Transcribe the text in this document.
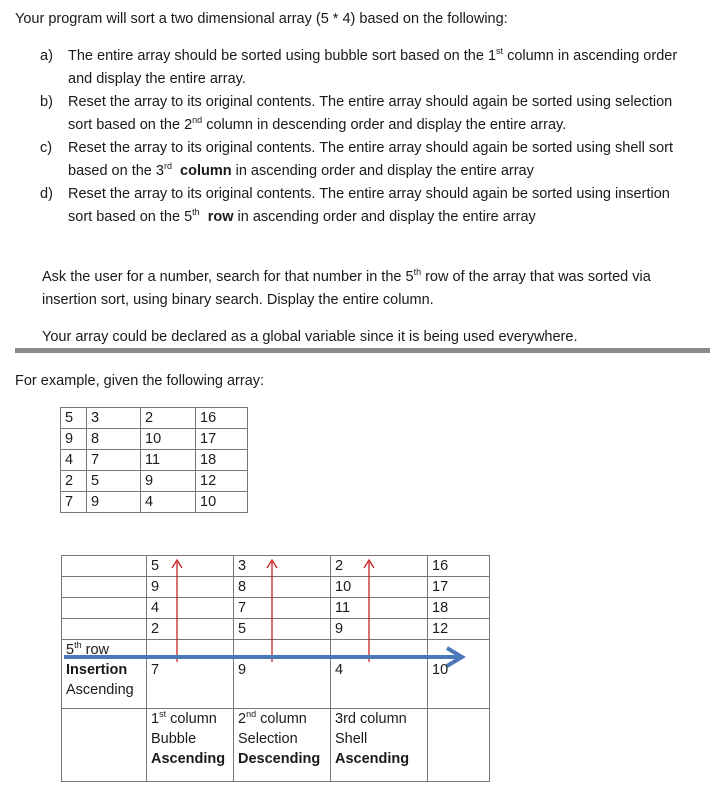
Your program will sort a two dimensional array (5 * 4) based on the following:
a) The entire array should be sorted using bubble sort based on the 1st column in ascending order
and display the entire array.
b) Reset the array to its original contents. The entire array should again be sorted using selection
sort based on the 2nd column in descending order and display the entire array.
c) Reset the array to its original contents. The entire array should again be sorted using shell sort
based on the 3rd column in ascending order and display the entire array
d) Reset the array to its original contents. The entire array should again be sorted using insertion
sort based on the 5th row in ascending order and display the entire array
Ask the user for a number, search for that number in the 5th row of the array that was sorted via
insertion sort, using binary search. Display the entire column.
Your array could be declared as a global variable since it is being used everywhere.
For example, given the following array:
5	3	2	16
9	8	10	17
4	7	11	18
2	5	9	12
7	9	4	10
	5	3	2	16
	9	8	10	17
	4	7	11	18
	2	5	9	12
5th row
Insertion
Ascending	7	9	4	10
	1st column
Bubble
Ascending	2nd column
Selection
Descending	3rd column
Shell
Ascending	
